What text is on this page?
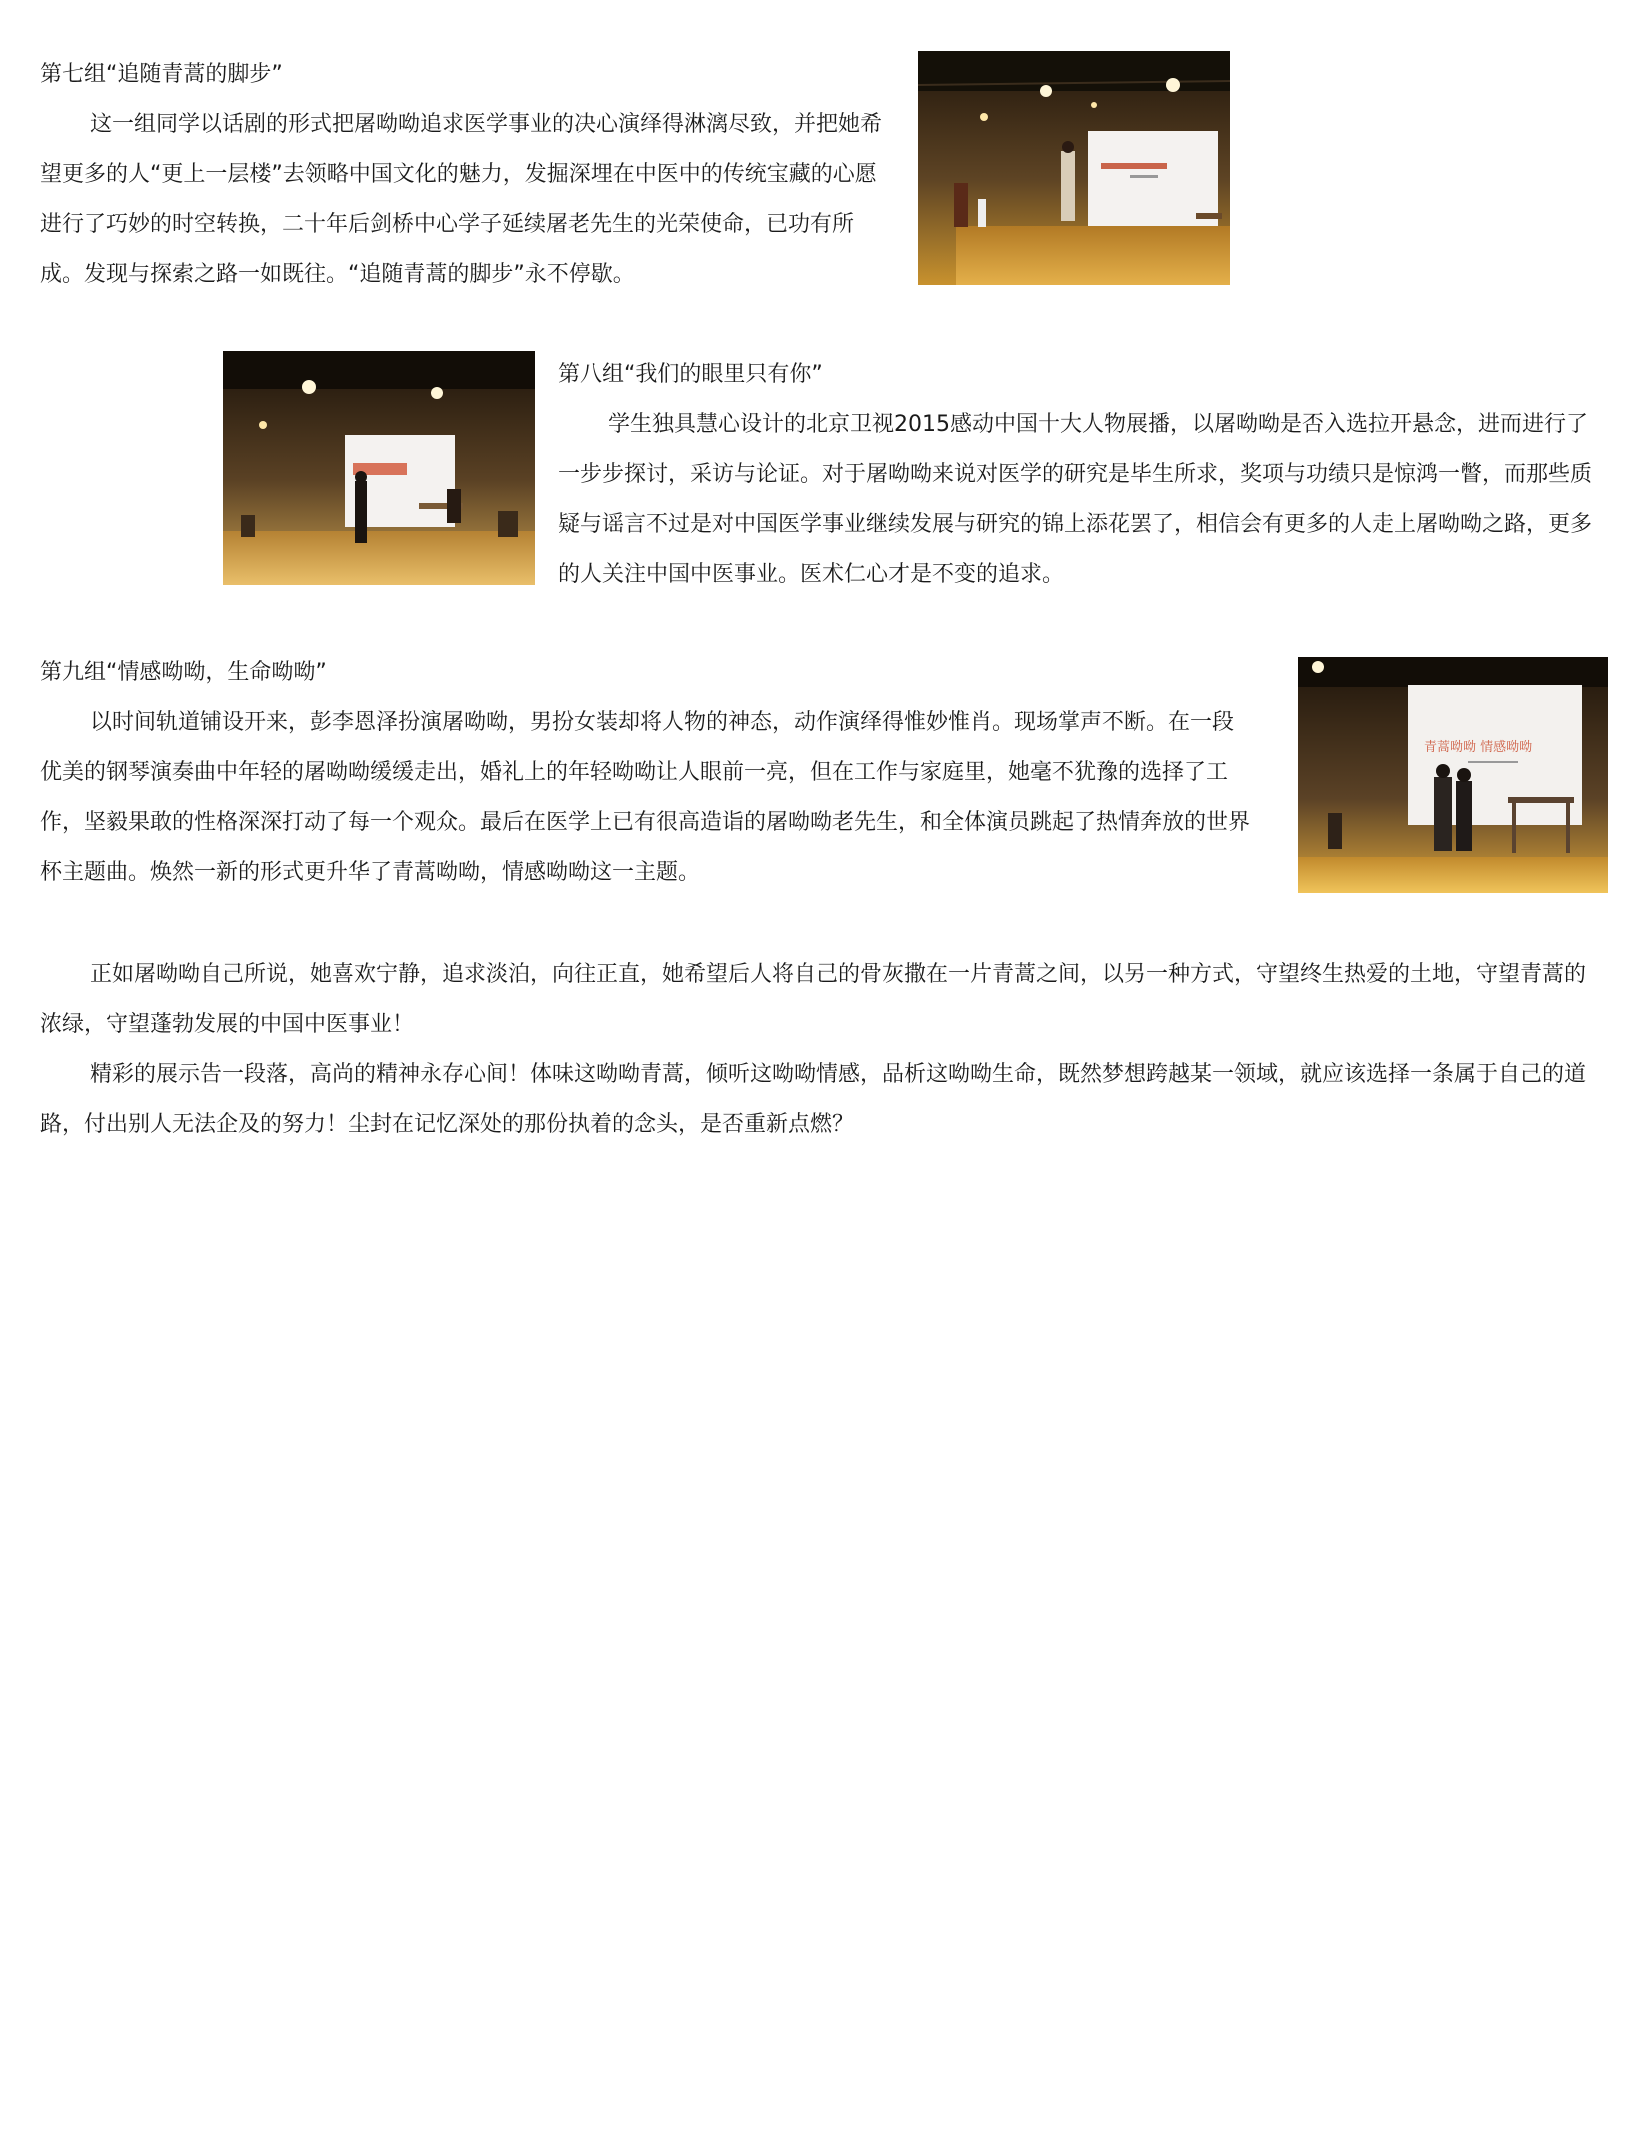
第七组“追随青蒿的脚步”
这一组同学以话剧的形式把屠呦呦追求医学事业的决心演绎得淋漓尽致，并把她希望更多的人“更上一层楼”去领略中国文化的魅力，发掘深埋在中医中的传统宝藏的心愿进行了巧妙的时空转换，二十年后剑桥中心学子延续屠老先生的光荣使命，已功有所成。发现与探索之路一如既往。“追随青蒿的脚步”永不停歇。
第八组“我们的眼里只有你”
学生独具慧心设计的北京卫视2015感动中国十大人物展播，以屠呦呦是否入选拉开悬念，进而进行了一步步探讨，采访与论证。对于屠呦呦来说对医学的研究是毕生所求，奖项与功绩只是惊鸿一瞥，而那些质疑与谣言不过是对中国医学事业继续发展与研究的锦上添花罢了，相信会有更多的人走上屠呦呦之路，更多的人关注中国中医事业。医术仁心才是不变的追求。
第九组“情感呦呦，生命呦呦”
以时间轨道铺设开来，彭李恩泽扮演屠呦呦，男扮女装却将人物的神态，动作演绎得惟妙惟肖。现场掌声不断。在一段优美的钢琴演奏曲中年轻的屠呦呦缓缓走出，婚礼上的年轻呦呦让人眼前一亮，但在工作与家庭里，她毫不犹豫的选择了工作，坚毅果敢的性格深深打动了每一个观众。最后在医学上已有很高造诣的屠呦呦老先生，和全体演员跳起了热情奔放的世界杯主题曲。焕然一新的形式更升华了青蒿呦呦，情感呦呦这一主题。
青蒿呦呦 情感呦呦
正如屠呦呦自己所说，她喜欢宁静，追求淡泊，向往正直，她希望后人将自己的骨灰撒在一片青蒿之间，以另一种方式，守望终生热爱的土地，守望青蒿的浓绿，守望蓬勃发展的中国中医事业！
精彩的展示告一段落，高尚的精神永存心间！体味这呦呦青蒿，倾听这呦呦情感，品析这呦呦生命，既然梦想跨越某一领域，就应该选择一条属于自己的道路，付出别人无法企及的努力！尘封在记忆深处的那份执着的念头，是否重新点燃？
